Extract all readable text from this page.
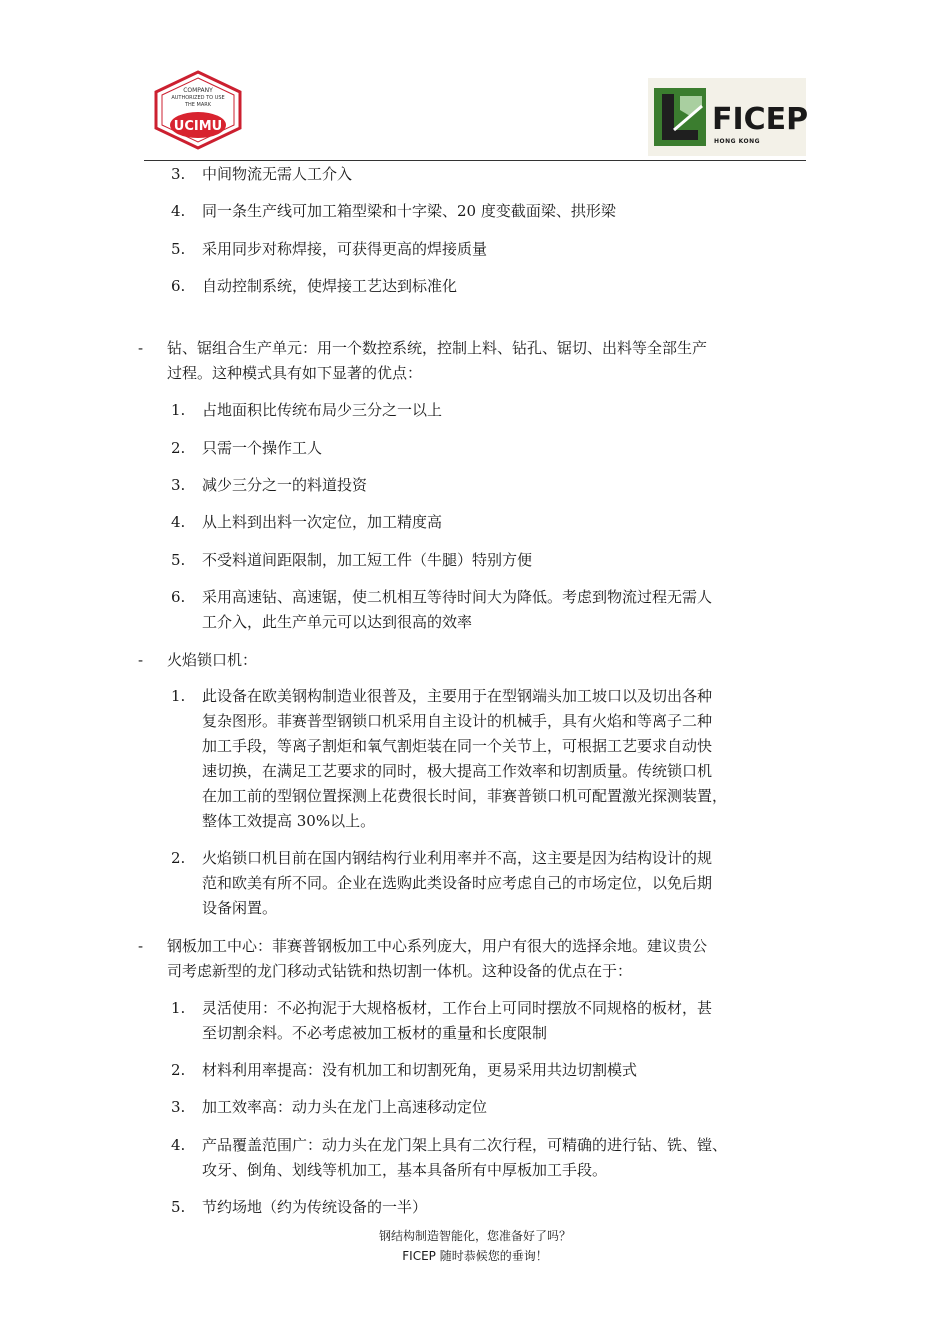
COMPANY
AUTHORIZED TO USE
THE MARK
UCIMU	FICEP
HONG KONG
3. 中间物流无需人工介入
4. 同一条生产线可加工箱型梁和十字梁、20 度变截面梁、拱形梁
5. 采用同步对称焊接，可获得更高的焊接质量
6. 自动控制系统，使焊接工艺达到标准化
- 钻、锯组合生产单元：用一个数控系统，控制上料、钻孔、锯切、出料等全部生产
过程。这种模式具有如下显著的优点：
1. 占地面积比传统布局少三分之一以上
2. 只需一个操作工人
3. 减少三分之一的料道投资
4. 从上料到出料一次定位，加工精度高
5. 不受料道间距限制，加工短工件（牛腿）特别方便
6. 采用高速钻、高速锯，使二机相互等待时间大为降低。考虑到物流过程无需人
工介入，此生产单元可以达到很高的效率
- 火焰锁口机：
1. 此设备在欧美钢构制造业很普及，主要用于在型钢端头加工坡口以及切出各种
复杂图形。菲赛普型钢锁口机采用自主设计的机械手，具有火焰和等离子二种
加工手段，等离子割炬和氧气割炬装在同一个关节上，可根据工艺要求自动快
速切换，在满足工艺要求的同时，极大提高工作效率和切割质量。传统锁口机
在加工前的型钢位置探测上花费很长时间，菲赛普锁口机可配置激光探测装置，
整体工效提高 30%以上。
2. 火焰锁口机目前在国内钢结构行业利用率并不高，这主要是因为结构设计的规
范和欧美有所不同。企业在选购此类设备时应考虑自己的市场定位，以免后期
设备闲置。
- 钢板加工中心：菲赛普钢板加工中心系列庞大，用户有很大的选择余地。建议贵公
司考虑新型的龙门移动式钻铣和热切割一体机。这种设备的优点在于：
1. 灵活使用：不必拘泥于大规格板材，工作台上可同时摆放不同规格的板材，甚
至切割余料。不必考虑被加工板材的重量和长度限制
2. 材料利用率提高：没有机加工和切割死角，更易采用共边切割模式
3. 加工效率高：动力头在龙门上高速移动定位
4. 产品覆盖范围广：动力头在龙门架上具有二次行程，可精确的进行钻、铣、镗、
攻牙、倒角、划线等机加工，基本具备所有中厚板加工手段。
5. 节约场地（约为传统设备的一半）
钢结构制造智能化，您准备好了吗？
FICEP 随时恭候您的垂询！
